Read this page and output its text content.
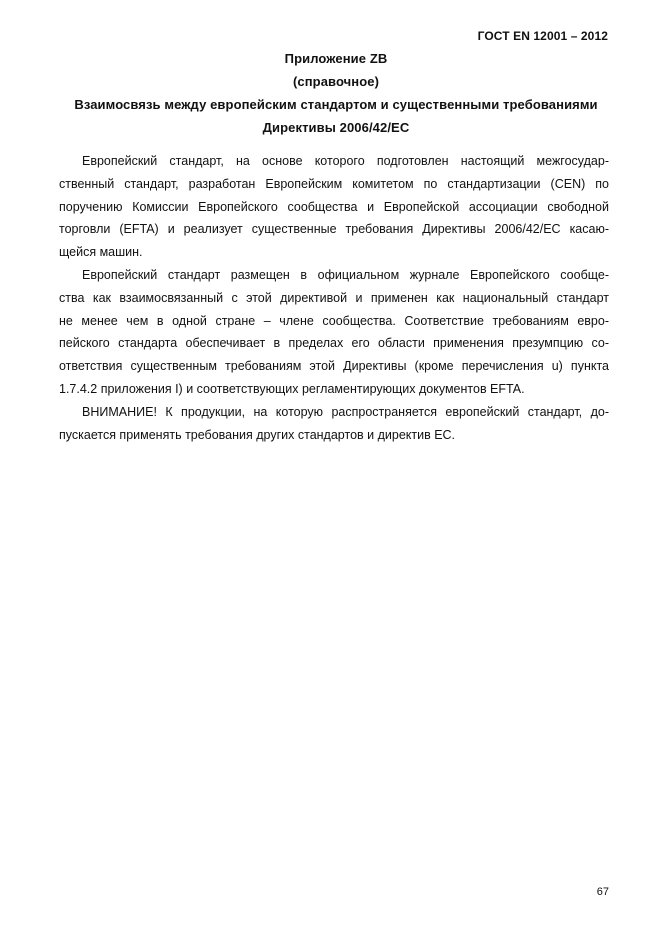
ГОСТ EN 12001 – 2012
Приложение ZB
(справочное)
Взаимосвязь между европейским стандартом и существенными требованиями
Директивы 2006/42/ЕС
Европейский стандарт, на основе которого подготовлен настоящий межгосудар-
ственный стандарт, разработан Европейским комитетом по стандартизации (CEN) по
поручению Комиссии Европейского сообщества и Европейской ассоциации свободной
торговли (EFTA) и реализует существенные требования Директивы 2006/42/ЕС касаю-
щейся машин.
Европейский стандарт размещен в официальном журнале Европейского сообще-
ства как взаимосвязанный с этой директивой и применен как национальный стандарт
не менее чем в одной стране – члене сообщества. Соответствие требованиям евро-
пейского стандарта обеспечивает в пределах его области применения презумпцию со-
ответствия существенным требованиям этой Директивы (кроме перечисления u) пункта
1.7.4.2 приложения I) и соответствующих регламентирующих документов EFTA.
ВНИМАНИЕ! К продукции, на которую распространяется европейский стандарт, до-
пускается применять требования других стандартов и директив ЕС.
67
